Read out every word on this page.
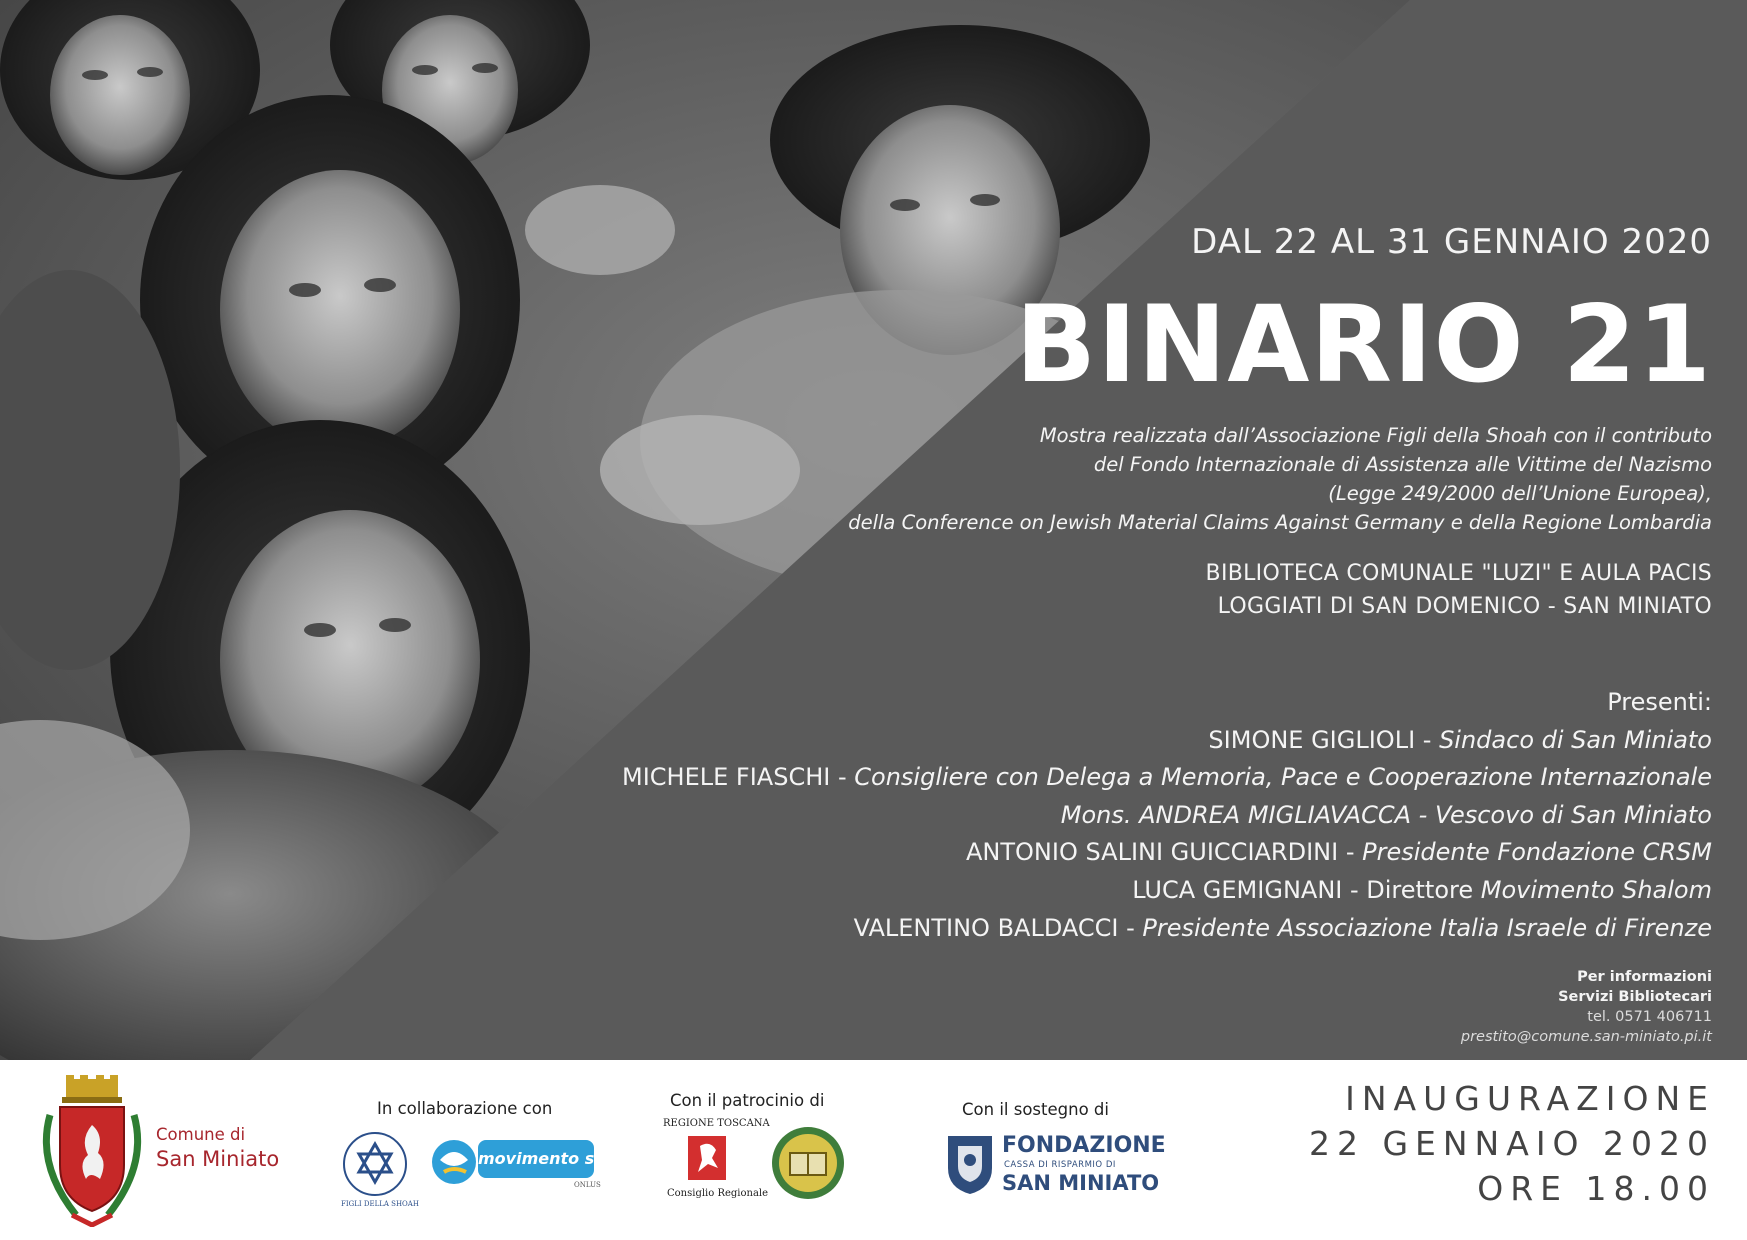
DAL 22 AL 31 GENNAIO 2020
BINARIO 21
Mostra realizzata dall’Associazione Figli della Shoah con il contributo
del Fondo Internazionale di Assistenza alle Vittime del Nazismo
(Legge 249/2000 dell’Unione Europea),
della Conference on Jewish Material Claims Against Germany e della Regione Lombardia
BIBLIOTECA COMUNALE "LUZI" E AULA PACIS
LOGGIATI DI SAN DOMENICO - SAN MINIATO
Presenti:
SIMONE GIGLIOLI - Sindaco di San Miniato
MICHELE FIASCHI - Consigliere con Delega a Memoria, Pace e Cooperazione Internazionale
Mons. ANDREA MIGLIAVACCA - Vescovo di San Miniato
ANTONIO SALINI GUICCIARDINI - Presidente Fondazione CRSM
LUCA GEMIGNANI - Direttore Movimento Shalom
VALENTINO BALDACCI - Presidente Associazione Italia Israele di Firenze
Per informazioni
Servizi Bibliotecari
tel. 0571 406711
prestito@comune.san-miniato.pi.it
Comune di
San Miniato
In collaborazione con
FIGLI DELLA SHOAH
movimento shalom
ONLUS
Con il patrocinio di
REGIONE TOSCANA
Consiglio Regionale
Con il sostegno di
FONDAZIONE
CASSA DI RISPARMIO DI
SAN MINIATO
INAUGURAZIONE
22 GENNAIO 2020
ORE 18.00
